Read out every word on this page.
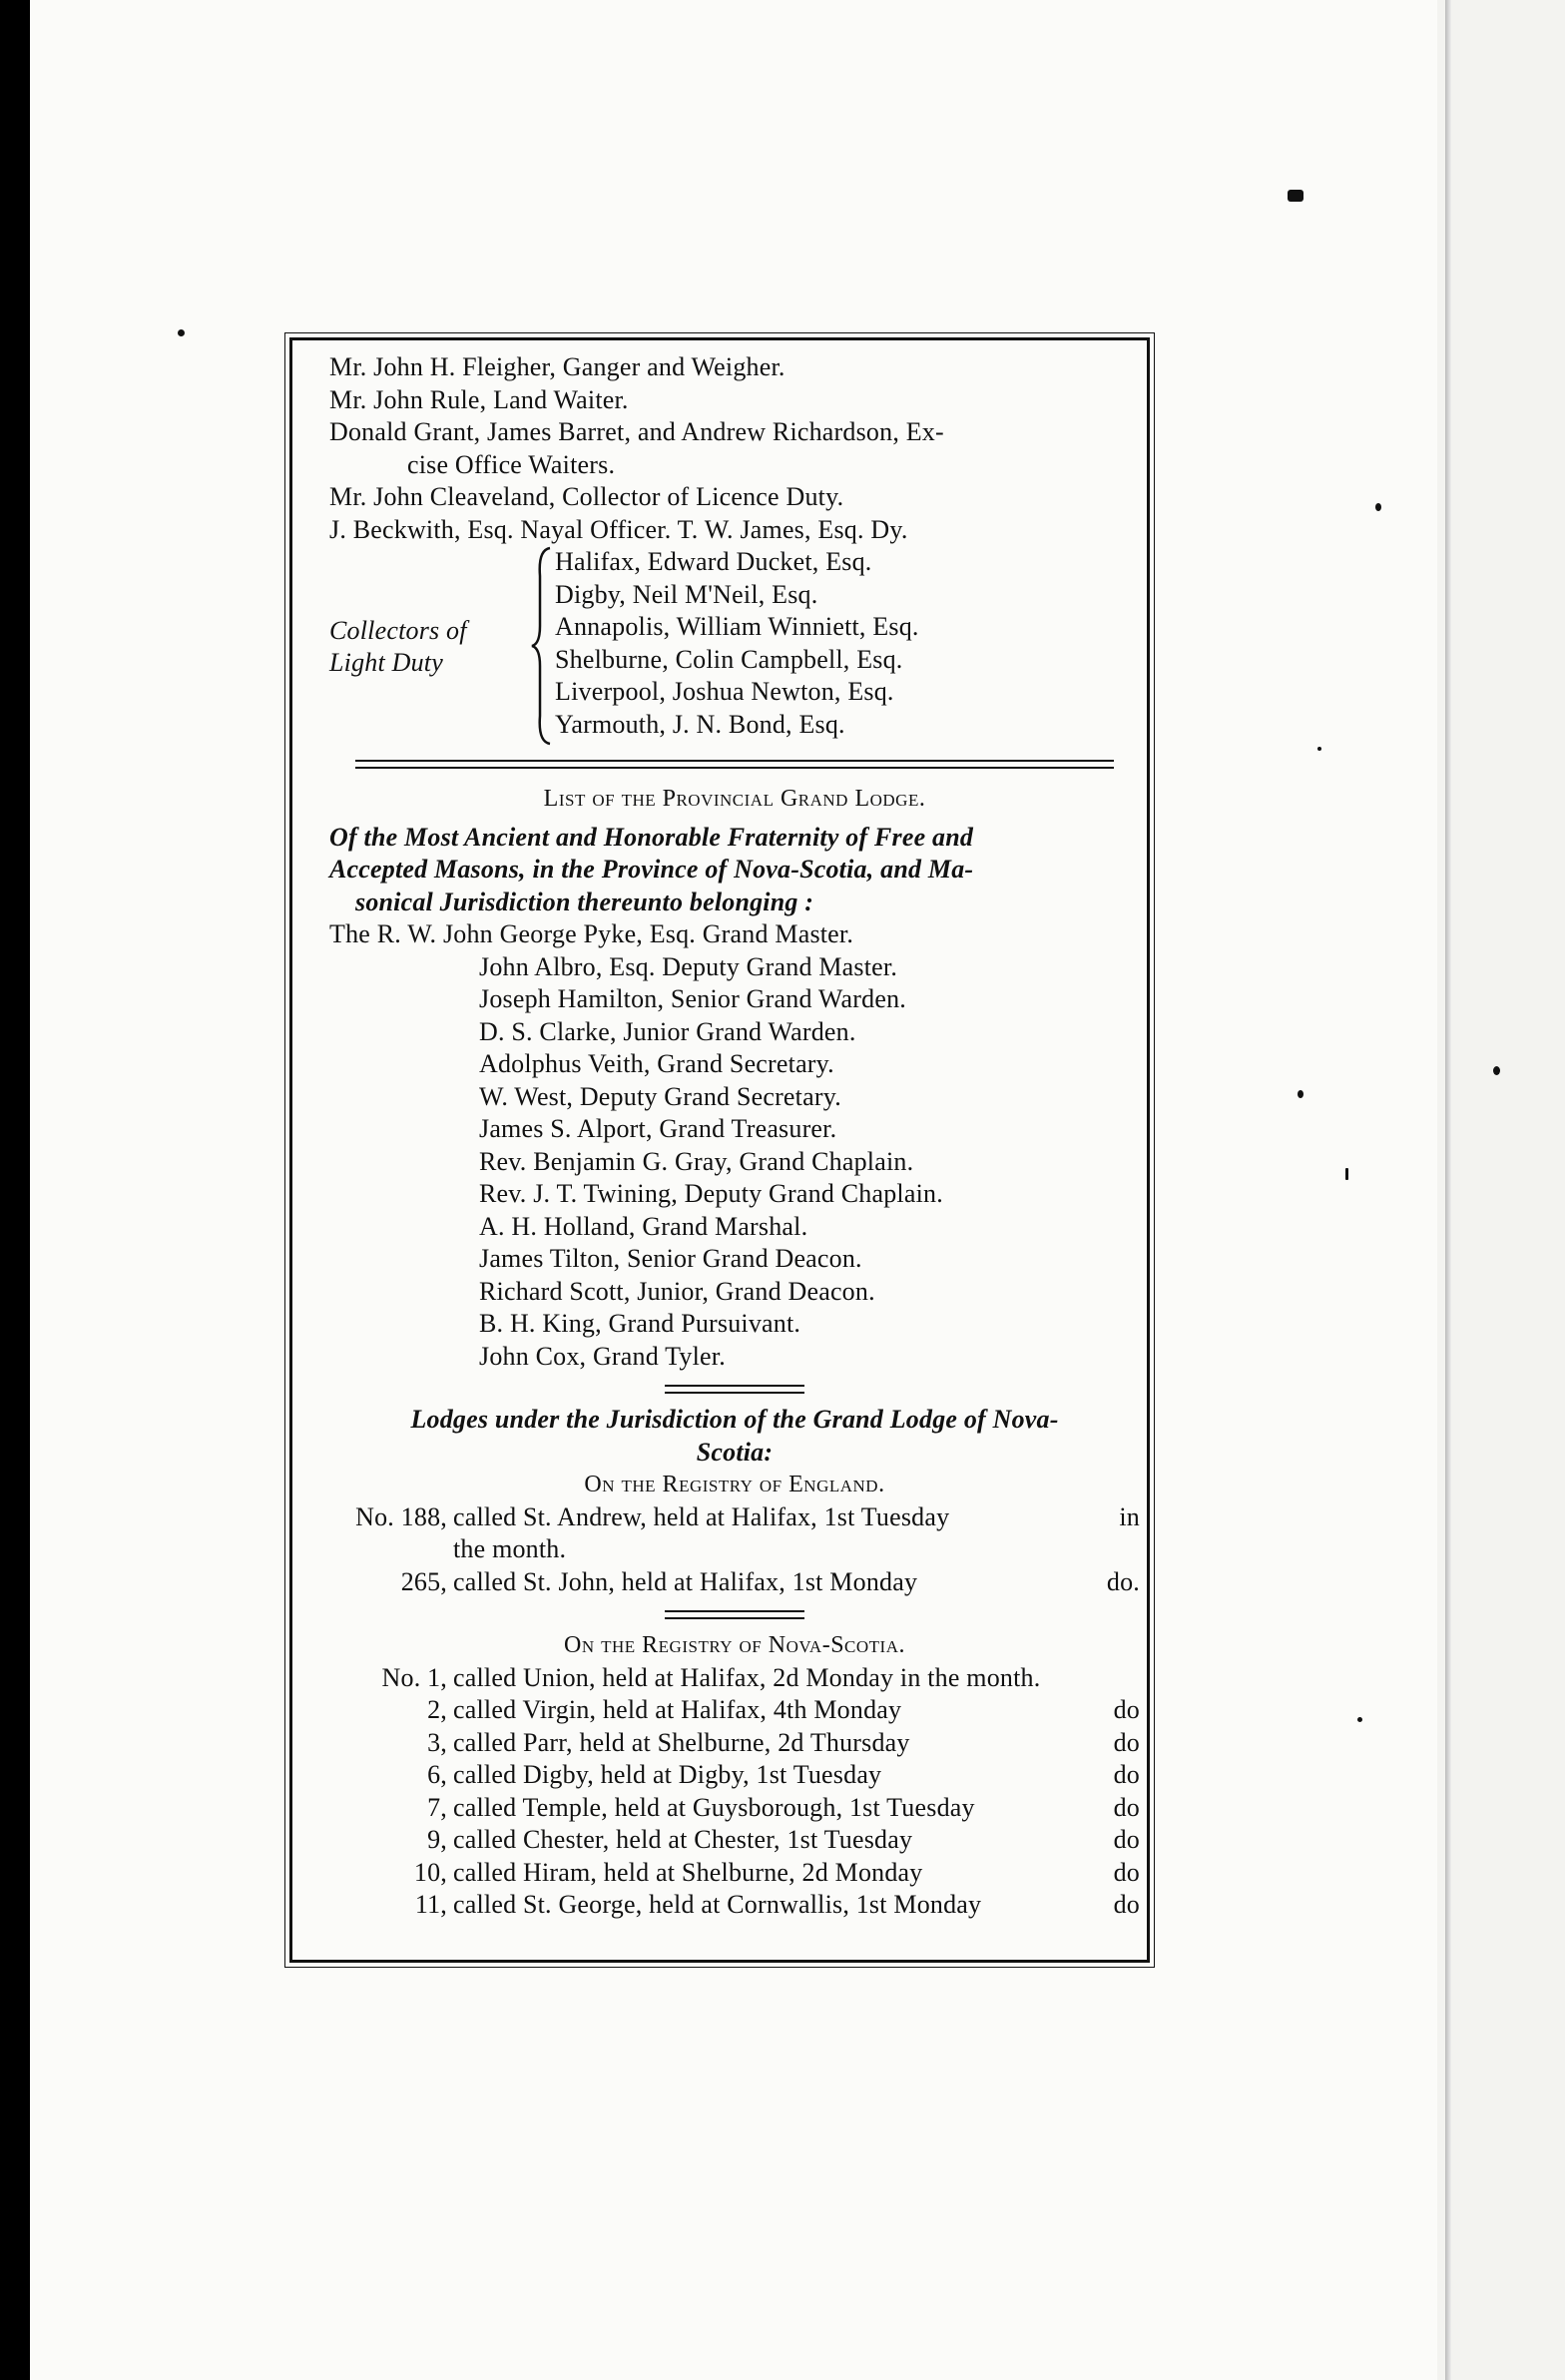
Mr. John H. Fleigher, Ganger and Weigher.
Mr. John Rule, Land Waiter.
Donald Grant, James Barret, and Andrew Richardson, Ex-
cise Office Waiters.
Mr. John Cleaveland, Collector of Licence Duty.
J. Beckwith, Esq. Nayal Officer. T. W. James, Esq. Dy.
Collectors of
Light Duty
Halifax, Edward Ducket, Esq.
Digby, Neil M'Neil, Esq.
Annapolis, William Winniett, Esq.
Shelburne, Colin Campbell, Esq.
Liverpool, Joshua Newton, Esq.
Yarmouth, J. N. Bond, Esq.
List of the Provincial Grand Lodge.
Of the Most Ancient and Honorable Fraternity of Free and
Accepted Masons, in the Province of Nova-Scotia, and Ma-
sonical Jurisdiction thereunto belonging :
The R. W. John George Pyke, Esq. Grand Master.
John Albro, Esq. Deputy Grand Master.
Joseph Hamilton, Senior Grand Warden.
D. S. Clarke, Junior Grand Warden.
Adolphus Veith, Grand Secretary.
W. West, Deputy Grand Secretary.
James S. Alport, Grand Treasurer.
Rev. Benjamin G. Gray, Grand Chaplain.
Rev. J. T. Twining, Deputy Grand Chaplain.
A. H. Holland, Grand Marshal.
James Tilton, Senior Grand Deacon.
Richard Scott, Junior, Grand Deacon.
B. H. King, Grand Pursuivant.
John Cox, Grand Tyler.
Lodges under the Jurisdiction of the Grand Lodge of Nova-
Scotia:
On the Registry of England.
No. 188, called St. Andrew, held at Halifax, 1st Tuesday	in
the month.
265, called St. John, held at Halifax, 1st Monday	do.
On the Registry of Nova-Scotia.
No. 1, called Union, held at Halifax, 2d Monday in the month.
2, called Virgin, held at Halifax, 4th Monday	do
3, called Parr, held at Shelburne, 2d Thursday	do
6, called Digby, held at Digby, 1st Tuesday	do
7, called Temple, held at Guysborough, 1st Tuesday	do
9, called Chester, held at Chester, 1st Tuesday	do
10, called Hiram, held at Shelburne, 2d Monday	do
11, called St. George, held at Cornwallis, 1st Monday	do
